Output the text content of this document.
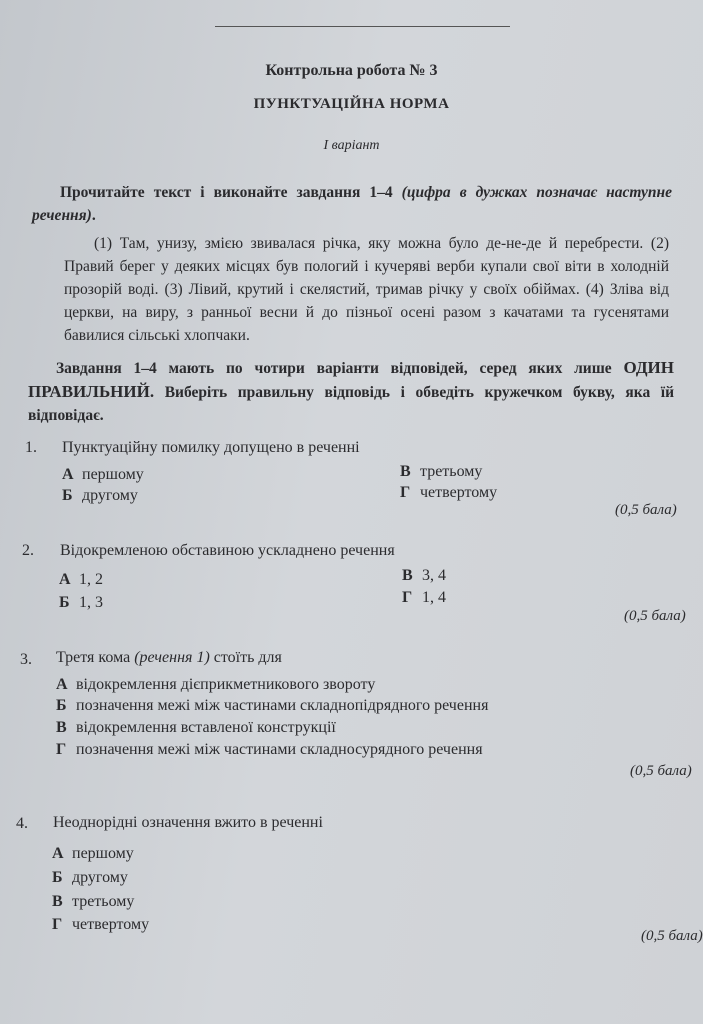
Контрольна робота № 3
ПУНКТУАЦІЙНА НОРМА
I варіант
Прочитайте текст і виконайте завдання 1–4 (цифра в дужках позначає наступне речення).
(1) Там, унизу, змією звивалася річка, яку можна було де-не-де й перебрести. (2) Правий берег у деяких місцях був пологий і кучеряві верби купали свої віти в холодній прозорій воді. (3) Лівий, крутий і скелястий, тримав річку у своїх обіймах. (4) Зліва від церкви, на виру, з ранньої весни й до пізньої осені разом з качатами та гусенятами бавилися сільські хлопчаки.
Завдання 1–4 мають по чотири варіанти відповідей, серед яких лише ОДИН ПРАВИЛЬНИЙ. Виберіть правильну відповідь і обведіть кружечком букву, яка їй відповідає.
1. Пунктуаційну помилку допущено в реченні
А першому
Б другому
В третьому
Г четвертому
(0,5 бала)
2. Відокремленою обставиною ускладнено речення
А 1, 2
Б 1, 3
В 3, 4
Г 1, 4
(0,5 бала)
3. Третя кома (речення 1) стоїть для
А відокремлення дієприкметникового звороту
Б позначення межі між частинами складнопідрядного речення
В відокремлення вставленої конструкції
Г позначення межі між частинами складносурядного речення
(0,5 бала)
4. Неоднорідні означення вжито в реченні
А першому
Б другому
В третьому
Г четвертому
(0,5 бала)
